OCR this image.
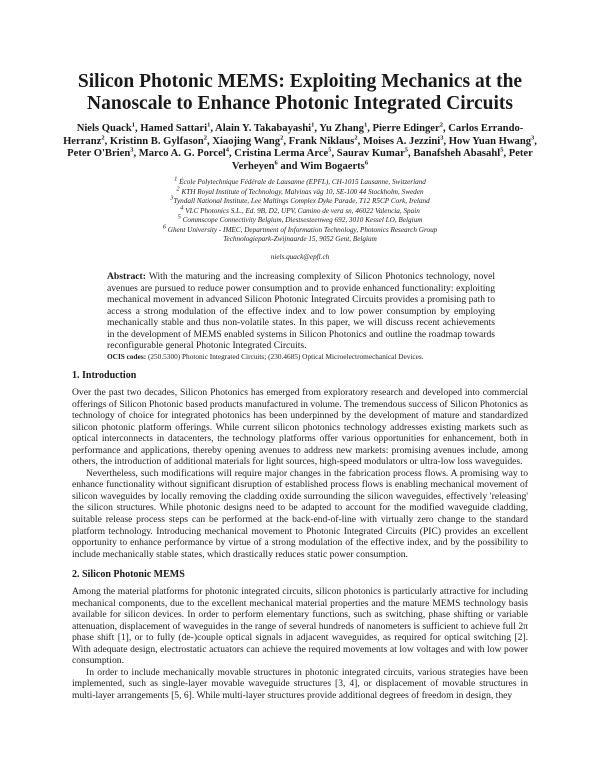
Silicon Photonic MEMS: Exploiting Mechanics at the
Nanoscale to Enhance Photonic Integrated Circuits
Niels Quack$^1$, Hamed Sattari$^1$, Alain Y. Takabayashi$^1$, Yu Zhang$^1$, Pierre Edinger$^2$, Carlos Errando-
Herranz$^2$, Kristinn B. Gylfason$^2$, Xiaojing Wang$^2$, Frank Niklaus$^2$, Moises A. Jezzini$^3$, How Yuan Hwang$^3$,
Peter O'Brien$^3$, Marco A. G. Porcel$^4$, Cristina Lerma Arce$^5$, Saurav Kumar$^5$, Banafsheh Abasahl$^5$, Peter
Verheyen$^6$ and Wim Bogaerts$^6$
$^1$ École Polytechnique Fédérale de Lausanne (EPFL), CH-1015 Lausanne, Switzerland
$^2$ KTH Royal Institute of Technology, Malvinas väg 10, SE-100 44 Stockholm, Sweden
$^3$Tyndall National Institute, Lee Maltings Complex Dyke Parade, T12 R5CP Cork, Ireland
$^4$ VLC Photonics S.L., Ed. 9B, D2, UPV, Camino de vera sn, 46022 Valencia, Spain
$^5$ Commscope Connectivity Belgium, Diestsesteenweg 692, 3010 Kessel LO, Belgium
$^6$ Ghent University - IMEC, Department of Information Technology, Photonics Research Group
Technologiepark-Zwijnaarde 15, 9052 Gent, Belgium
niels.quack@epfl.ch
Abstract: With the maturing and the increasing complexity of Silicon Photonics technology, novel avenues are pursued to reduce power consumption and to provide enhanced functionality: exploiting mechanical movement in advanced Silicon Photonic Integrated Circuits provides a promising path to access a strong modulation of the effective index and to low power consumption by employing mechanically stable and thus non-volatile states. In this paper, we will discuss recent achievements in the development of MEMS enabled systems in Silicon Photonics and outline the roadmap towards reconfigurable general Photonic Integrated Circuits.
OCIS codes: (250.5300) Photonic Integrated Circuits; (230.4685) Optical Microelectromechanical Devices.
1. Introduction

Over the past two decades, Silicon Photonics has emerged from exploratory research and developed into commercial offerings of Silicon Photonic based products manufactured in volume. The tremendous success of Silicon Photonics as technology of choice for integrated photonics has been underpinned by the development of mature and standardized silicon photonic platform offerings. While current silicon photonics technology addresses existing markets such as optical interconnects in datacenters, the technology platforms offer various opportunities for enhancement, both in performance and applications, thereby opening avenues to address new markets: promising avenues include, among others, the introduction of additional materials for light sources, high-speed modulators or ultra-low loss waveguides.

Nevertheless, such modifications will require major changes in the fabrication process flows. A promising way to enhance functionality without significant disruption of established process flows is enabling mechanical movement of silicon waveguides by locally removing the cladding oxide surrounding the silicon waveguides, effectively 'releasing' the silicon structures. While photonic designs need to be adapted to account for the modified waveguide cladding, suitable release process steps can be performed at the back-end-of-line with virtually zero change to the standard platform technology. Introducing mechanical movement to Photonic Integrated Circuits (PIC) provides an excellent opportunity to enhance performance by virtue of a strong modulation of the effective index, and by the possibility to include mechanically stable states, which drastically reduces static power consumption.

2. Silicon Photonic MEMS

Among the material platforms for photonic integrated circuits, silicon photonics is particularly attractive for including mechanical components, due to the excellent mechanical material properties and the mature MEMS technology basis available for silicon devices. In order to perform elementary functions, such as switching, phase shifting or variable attenuation, displacement of waveguides in the range of several hundreds of nanometers is sufficient to achieve full 2π phase shift [1], or to fully (de-)couple optical signals in adjacent waveguides, as required for optical switching [2]. With adequate design, electrostatic actuators can achieve the required movements at low voltages and with low power consumption.

In order to include mechanically movable structures in photonic integrated circuits, various strategies have been implemented, such as single-layer movable waveguide structures [3, 4], or displacement of movable structures in multi-layer arrangements [5, 6]. While multi-layer structures provide additional degrees of freedom in design, they
